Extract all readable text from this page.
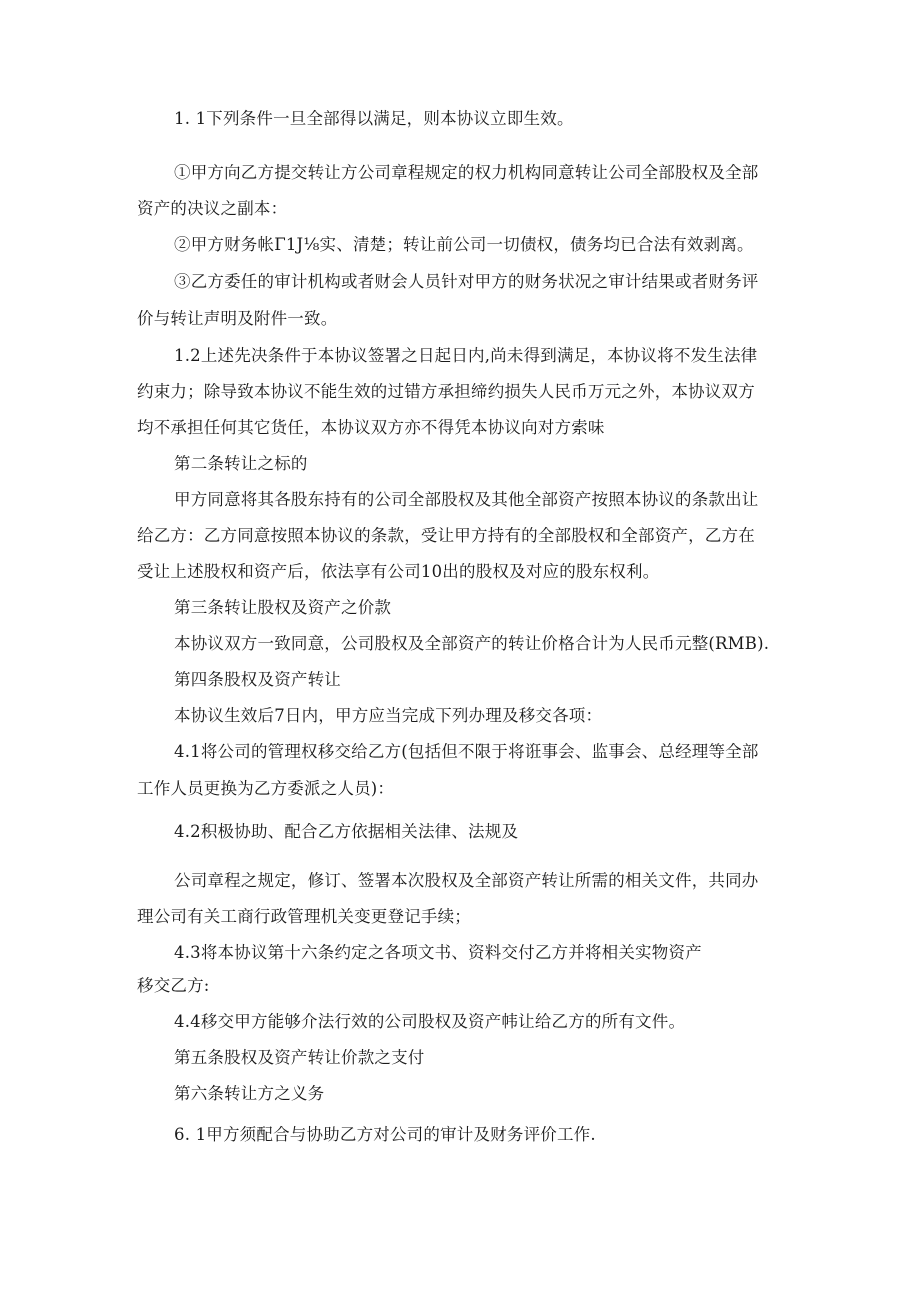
1. 1下列条件一旦全部得以满足，则本协议立即生效。
①甲方向乙方提交转让方公司章程规定的权力机构同意转让公司全部股权及全部
资产的决议之副本：
②甲方财务帐Γ1J⅛实、清楚；转让前公司一切债权，债务均已合法有效剥离。
③乙方委任的审计机构或者财会人员针对甲方的财务状况之审计结果或者财务评
价与转让声明及附件一致。
1.2上述先决条件于本协议签署之日起日内,尚未得到满足，本协议将不发生法律
约束力；除导致本协议不能生效的过错方承担缔约损失人民币万元之外，本协议双方
均不承担任何其它货任，本协议双方亦不得凭本协议向对方索味
第二条转让之标的
甲方同意将其各股东持有的公司全部股权及其他全部资产按照本协议的条款出让
给乙方：乙方同意按照本协议的条款，受让甲方持有的全部股权和全部资产，乙方在
受让上述股权和资产后，依法享有公司10出的股权及对应的股东权利。
第三条转让股权及资产之价款
本协议双方一致同意，公司股权及全部资产的转让价格合计为人民币元整(RMB).
第四条股权及资产转让
本协议生效后7日内，甲方应当完成下列办理及移交各项：
4.1将公司的管理权移交给乙方(包括但不限于将诳事会、监事会、总经理等全部
工作人员更换为乙方委派之人员)：
4.2积极协助、配合乙方依据相关法律、法规及
公司章程之规定，修订、签署本次股权及全部资产转让所需的相关文件，共同办
理公司有关工商行政管理机关变更登记手续；
4.3将本协议第十六条约定之各项文书、资料交付乙方并将相关实物资产
移交乙方:
4.4移交甲方能够介法行效的公司股权及资产帏让给乙方的所有文件。
第五条股权及资产转让价款之支付
第六条转让方之义务
6. 1甲方须配合与协助乙方对公司的审计及财务评价工作.
